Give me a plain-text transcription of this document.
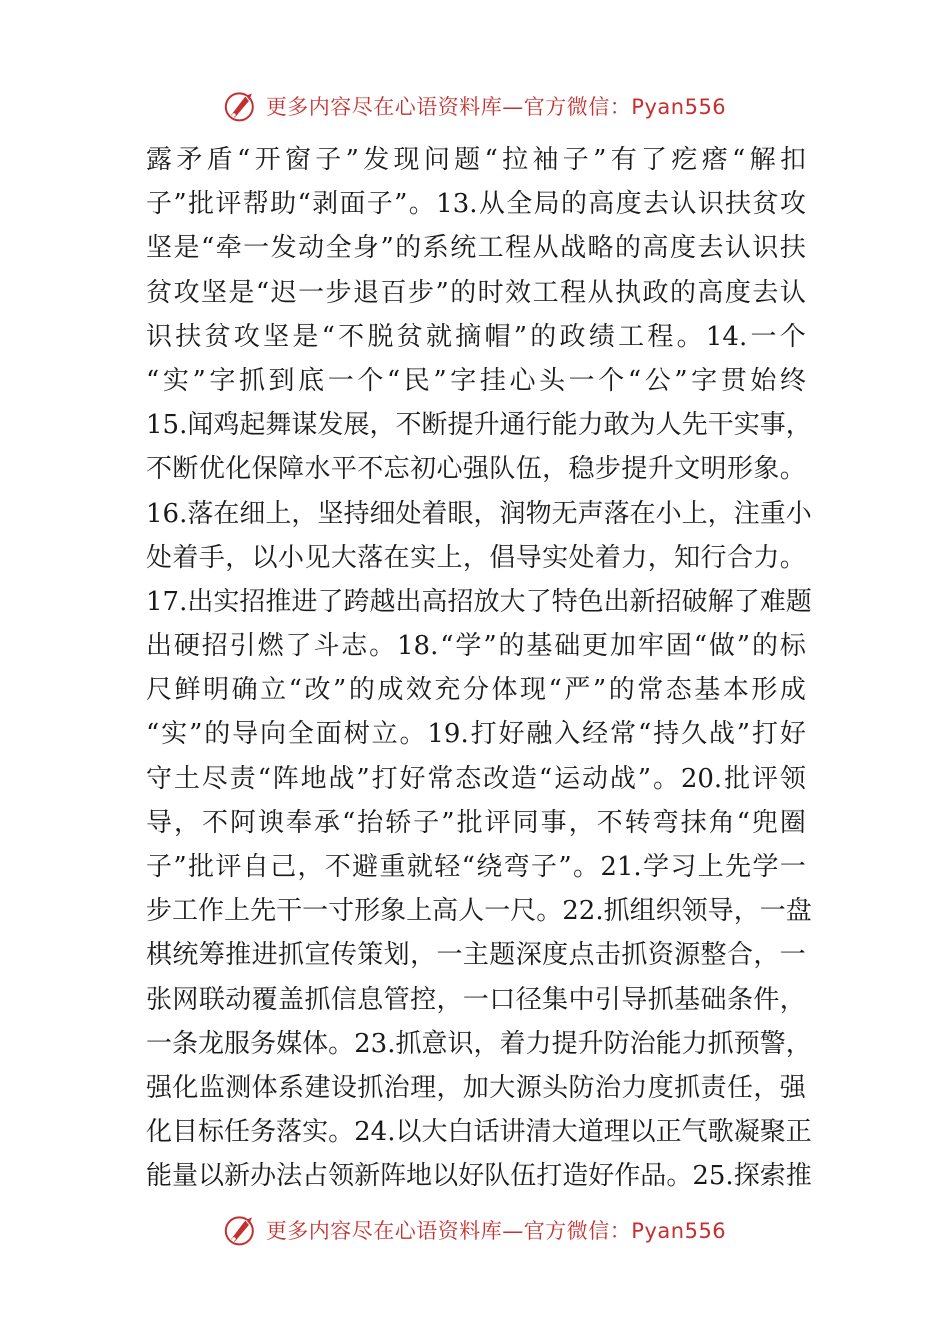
更多内容尽在心语资料库—官方微信：Pyan556
露 矛 盾 “ 开 窗 子 ” 发 现 问 题 “ 拉 袖 子 ” 有 了 疙 瘩 “ 解 扣
子 ” 批 评 帮 助 “ 剥 面 子 ” 。 13. 从 全 局 的 高 度 去 认 识 扶 贫 攻
坚 是 “ 牵 一 发 动 全 身 ” 的 系 统 工 程 从 战 略 的 高 度 去 认 识 扶
贫 攻 坚 是 “ 迟 一 步 退 百 步 ” 的 时 效 工 程 从 执 政 的 高 度 去 认
识 扶 贫 攻 坚 是 “ 不 脱 贫 就 摘 帽 ” 的 政 绩 工 程 。 14. 一 个
“ 实 ” 字 抓 到 底 一 个 “ 民 ” 字 挂 心 头 一 个 “ 公 ” 字 贯 始 终
15. 闻 鸡 起 舞 谋 发 展 ， 不 断 提 升 通 行 能 力 敢 为 人 先 干 实 事 ，
不 断 优 化 保 障 水 平 不 忘 初 心 强 队 伍 ， 稳 步 提 升 文 明 形 象 。
16. 落 在 细 上 ， 坚 持 细 处 着 眼 ， 润 物 无 声 落 在 小 上 ， 注 重 小
处 着 手 ， 以 小 见 大 落 在 实 上 ， 倡 导 实 处 着 力 ， 知 行 合 力 。
17. 出 实 招 推 进 了 跨 越 出 高 招 放 大 了 特 色 出 新 招 破 解 了 难 题
出 硬 招 引 燃 了 斗 志 。 18. “ 学 ” 的 基 础 更 加 牢 固 “ 做 ” 的 标
尺 鲜 明 确 立 “ 改 ” 的 成 效 充 分 体 现 “ 严 ” 的 常 态 基 本 形 成
“ 实 ” 的 导 向 全 面 树 立 。 19. 打 好 融 入 经 常 “ 持 久 战 ” 打 好
守 土 尽 责 “ 阵 地 战 ” 打 好 常 态 改 造 “ 运 动 战 ” 。 20. 批 评 领
导 ， 不 阿 谀 奉 承 “ 抬 轿 子 ” 批 评 同 事 ， 不 转 弯 抹 角 “ 兜 圈
子 ” 批 评 自 己 ， 不 避 重 就 轻 “ 绕 弯 子 ” 。 21. 学 习 上 先 学 一
步 工 作 上 先 干 一 寸 形 象 上 高 人 一 尺 。 22. 抓 组 织 领 导 ， 一 盘
棋 统 筹 推 进 抓 宣 传 策 划 ， 一 主 题 深 度 点 击 抓 资 源 整 合 ， 一
张 网 联 动 覆 盖 抓 信 息 管 控 ， 一 口 径 集 中 引 导 抓 基 础 条 件 ，
一 条 龙 服 务 媒 体 。 23. 抓 意 识 ， 着 力 提 升 防 治 能 力 抓 预 警 ，
强 化 监 测 体 系 建 设 抓 治 理 ， 加 大 源 头 防 治 力 度 抓 责 任 ， 强
化 目 标 任 务 落 实 。 24. 以 大 白 话 讲 清 大 道 理 以 正 气 歌 凝 聚 正
能 量 以 新 办 法 占 领 新 阵 地 以 好 队 伍 打 造 好 作 品 。 25. 探 索 推
更多内容尽在心语资料库—官方微信：Pyan556
